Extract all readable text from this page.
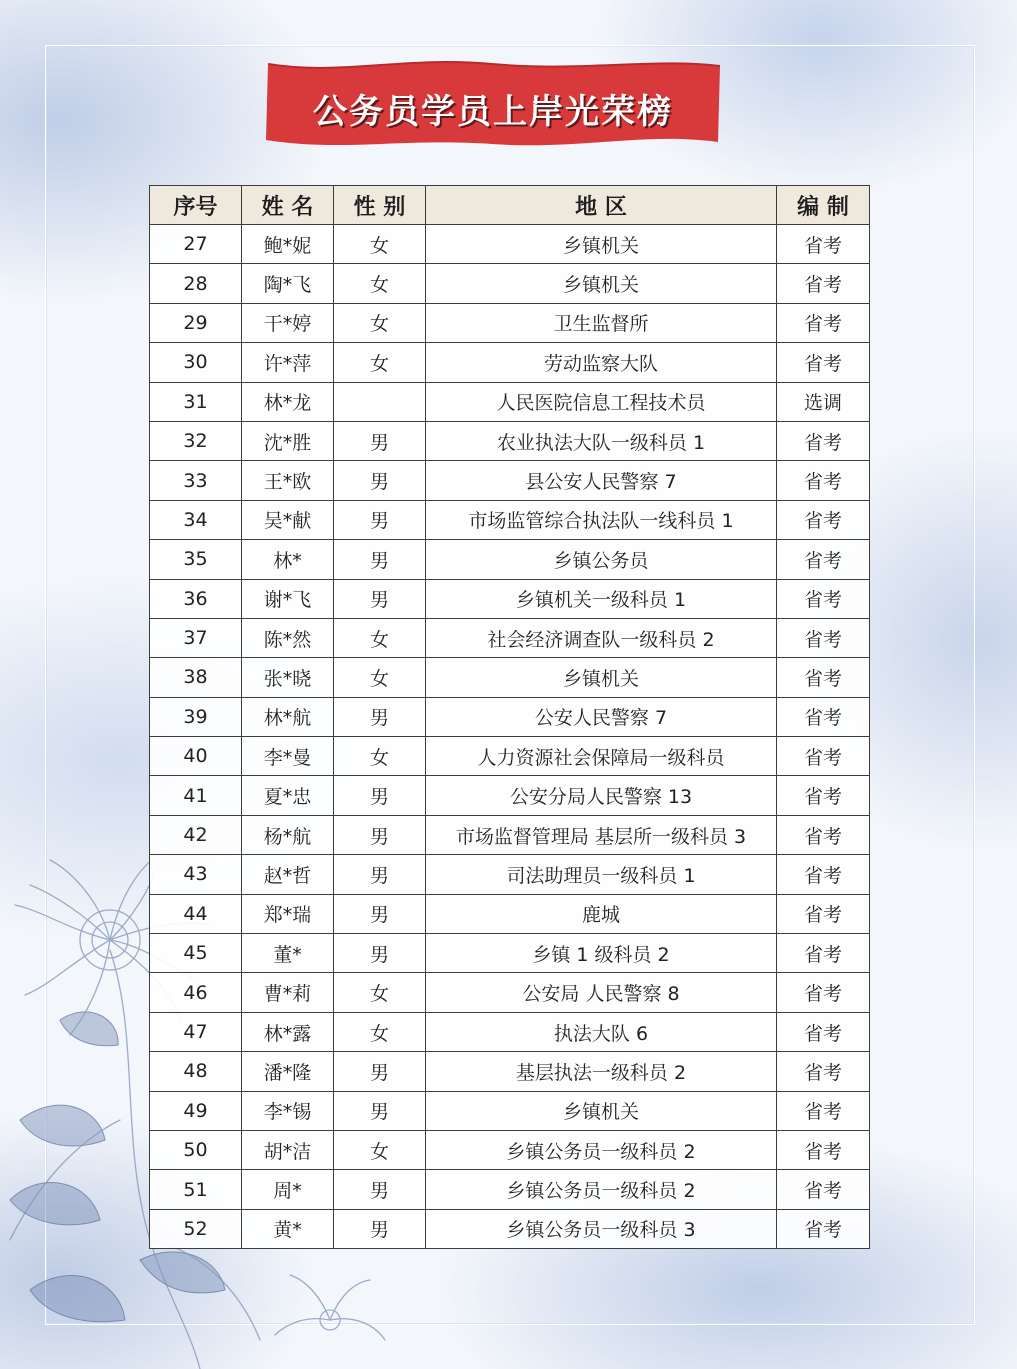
公务员学员上岸光荣榜
序号	姓 名	性 别	地 区	编 制
27	鲍*妮	女	乡镇机关	省考
28	陶*飞	女	乡镇机关	省考
29	干*婷	女	卫生监督所	省考
30	许*萍	女	劳动监察大队	省考
31	林*龙		人民医院信息工程技术员	选调
32	沈*胜	男	农业执法大队一级科员 1	省考
33	王*欧	男	县公安人民警察 7	省考
34	吴*献	男	市场监管综合执法队一线科员 1	省考
35	林*	男	乡镇公务员	省考
36	谢*飞	男	乡镇机关一级科员 1	省考
37	陈*然	女	社会经济调查队一级科员 2	省考
38	张*晓	女	乡镇机关	省考
39	林*航	男	公安人民警察 7	省考
40	李*曼	女	人力资源社会保障局一级科员	省考
41	夏*忠	男	公安分局人民警察 13	省考
42	杨*航	男	市场监督管理局 基层所一级科员 3	省考
43	赵*哲	男	司法助理员一级科员 1	省考
44	郑*瑞	男	鹿城	省考
45	董*	男	乡镇 1 级科员 2	省考
46	曹*莉	女	公安局 人民警察 8	省考
47	林*露	女	执法大队 6	省考
48	潘*隆	男	基层执法一级科员 2	省考
49	李*锡	男	乡镇机关	省考
50	胡*洁	女	乡镇公务员一级科员 2	省考
51	周*	男	乡镇公务员一级科员 2	省考
52	黄*	男	乡镇公务员一级科员 3	省考
